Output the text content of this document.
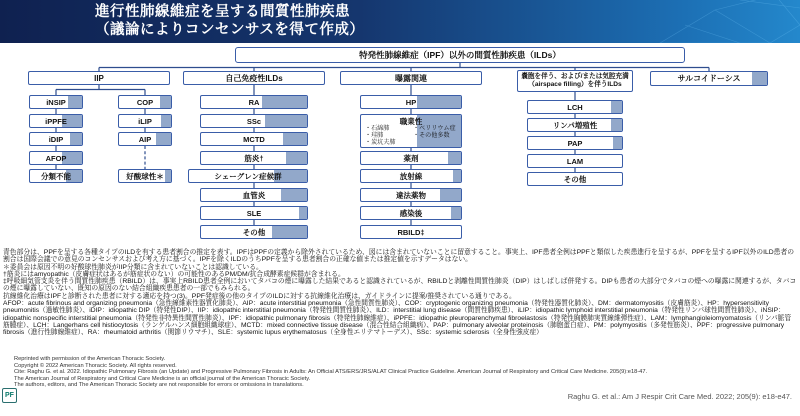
進行性肺線維症を呈する間質性肺疾患
（議論によりコンセンサスを得て作成）
特発性肺線維症（IPF）以外の間質性肺疾患（ILDs）
IIP	自己免疫性ILDs	曝露関連	嚢胞を伴う、および/または気腔充満
（airspace filling）を伴うILDs
サルコイドーシス
iNSIP
iPPFE
iDIP
AFOP
分類不能
COP
iLIP
AIP
好酸球性＊
RA
SSc
MCTD
筋炎†
シェーグレン症候群
血管炎
SLE
その他
HP
職業性
・石綿肺
・珪肺
・炭坑夫肺
・ベリリウム症
・その他多数
薬剤
放射線
違法薬物
感染後
RBILD‡
LCH
リンパ増殖性
PAP
LAM
その他
青色部分は、PPFを呈する各種タイプのILDを有する患者割合の推定を表す。IPFはPPFの定義から除外されているため、図には含まれていないことに留意すること。事実上、IPF患者全例はPPFと類似した疾患進行を呈するが、PPFを呈するIPF以外のILD患者の割合は国際会議での意見のコンセンサスおよび考え方に基づく。IPFを除くILDのうちPPFを呈する患者割合の正確な値または推定値を示すデータはない。
＊委員会は原因不明の好酸球性肺炎がIIP分類に含まれていないことは認識している。
†筋炎にはamyopathic（皮膚症状はあるが筋症状のない）の可能性のあるPM/DM/抗合成酵素症候群が含まれる。
‡呼吸細気管支炎を伴う間質性肺疾患（RBILD）は、事実上RBILD患者全例においてタバコの煙に曝露した結果であると認識されているが、RBILDと剥離性間質性肺炎（DIP）はしばしば併発する。DIPも患者の大部分でタバコの煙への曝露に関連するが、タバコの煙に曝露していない、既知の原因のない結合組織疾患患者の一部でもみられる。
抗線維化治療はIPFと診断された患者に対する適応を持つ(3)。PPF発症後の他のタイプのILDに対する抗線維化治療は、ガイドラインに提案/推奨されている通りである。
AFOP：acute fibrinous and organizing pneumonia（急性線維素性器質化肺炎）、AIP：acute interstitial pneumonia（急性間質性肺炎）、COP：cryptogenic organizing pneumonia（特発性器質化肺炎）、DM：dermatomyositis（皮膚筋炎）、HP：hypersensitivity pneumonitis（過敏性肺炎）、iDIP：idiopathic DIP（特発性DIP）、IIP：idiopathic interstitial pneumonia（特発性間質性肺炎）、ILD：interstitial lung disease（間質性肺疾患）、iLIP：idiopathic lymphoid interstitial pneumonia（特発性リンパ球性間質性肺炎）、iNSIP：idiopathic nonspecific interstitial pneumonia（特発性非特異性間質性肺炎）、IPF：idiopathic pulmonary fibrosis（特発性肺線維症）、iPPFE：idiopathic pleuroparenchymal fibroelastosis（特発性胸膜肺実質線維弾性症）、LAM：lymphangioleiomyomatosis（リンパ脈管筋腫症）、LCH：Langerhans cell histiocytosis（ランゲルハンス細胞組織球症）、MCTD：mixed connective tissue disease（混合性結合組織病）、PAP：pulmonary alveolar proteinosis（肺胞蛋白症）、PM：polymyositis（多発性筋炎）、PPF：progressive pulmonary fibrosis（進行性肺線維症）、RA：rheumatoid arthritis（関節リウマチ）、SLE：systemic lupus erythematosus（全身性エリテマトーデス）、SSc：systemic sclerosis（全身性強皮症）
Reprinted with permission of the American Thoracic Society.
Copyright © 2022 American Thoracic Society. All rights reserved.
Cite: Raghu G. et al. 2022. Idiopathic Pulmonary Fibrosis (an Update) and Progressive Pulmonary Fibrosis in Adults: An Official ATS/ERS/JRS/ALAT Clinical Practice Guideline. American Journal of Respiratory and Critical Care Medicine. 205(9):e18-47.
The American Journal of Respiratory and Critical Care Medicine is an official journal of the American Thoracic Society.
The authors, editors, and The American Thoracic Society are not responsible for errors or omissions in translations.
PF	Raghu G. et al.: Am J Respir Crit Care Med. 2022; 205(9): e18-e47.
